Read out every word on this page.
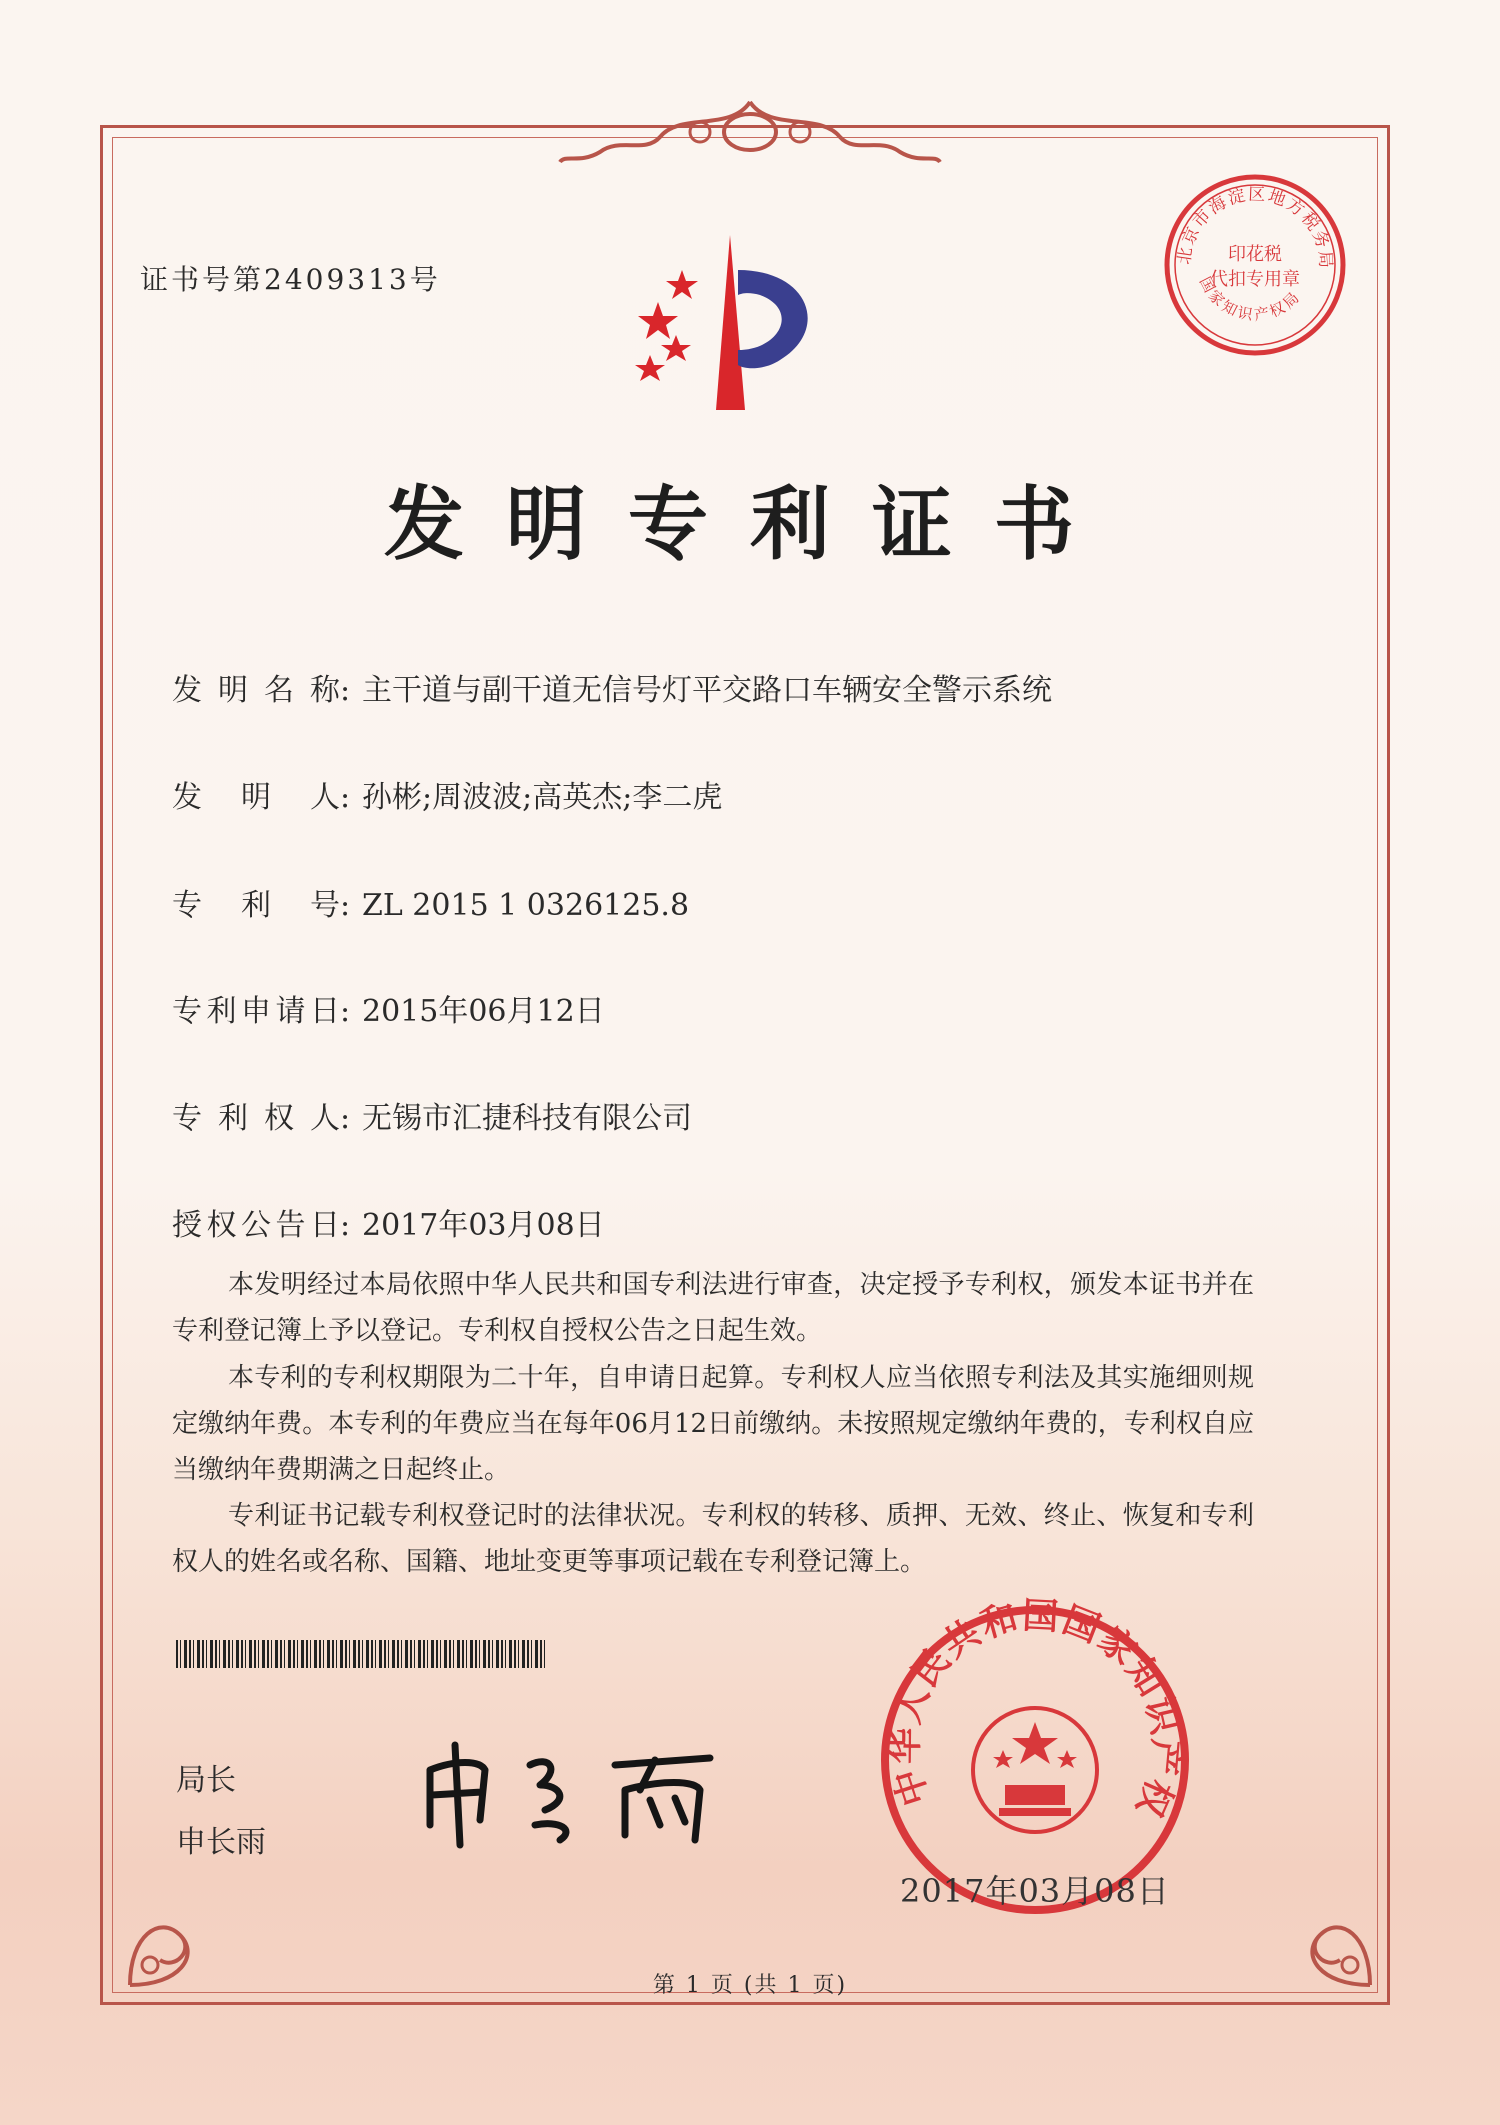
证书号第2409313号
北京市海淀区地方税务局
印花税
代扣专用章
国家知识产权局
发明专利证书
发明名称: 主干道与副干道无信号灯平交路口车辆安全警示系统
发明人: 孙彬;周波波;高英杰;李二虎
专利号: ZL 2015 1 0326125.8
专利申请日: 2015年06月12日
专利权人: 无锡市汇捷科技有限公司
授权公告日: 2017年03月08日
本发明经过本局依照中华人民共和国专利法进行审查，决定授予专利权，颁发本证书并在专利登记簿上予以登记。专利权自授权公告之日起生效。
本专利的专利权期限为二十年，自申请日起算。专利权人应当依照专利法及其实施细则规定缴纳年费。本专利的年费应当在每年06月12日前缴纳。未按照规定缴纳年费的，专利权自应当缴纳年费期满之日起终止。
专利证书记载专利权登记时的法律状况。专利权的转移、质押、无效、终止、恢复和专利权人的姓名或名称、国籍、地址变更等事项记载在专利登记簿上。
局长
申长雨
中华人民共和国国家知识产权局
2017年03月08日
第 1 页 (共 1 页)
